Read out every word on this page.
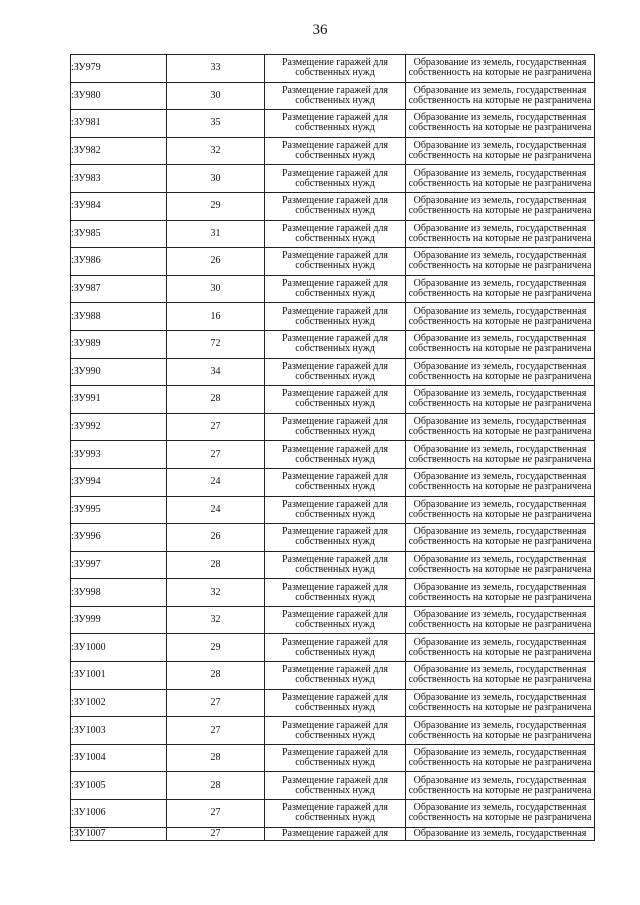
36
:ЗУ979	33	Размещение гаражей для
собственных нужд	Образование из земель, государственная
собственность на которые не разграничена

:ЗУ980	30	Размещение гаражей для
собственных нужд	Образование из земель, государственная
собственность на которые не разграничена

:ЗУ981	35	Размещение гаражей для
собственных нужд	Образование из земель, государственная
собственность на которые не разграничена

:ЗУ982	32	Размещение гаражей для
собственных нужд	Образование из земель, государственная
собственность на которые не разграничена

:ЗУ983	30	Размещение гаражей для
собственных нужд	Образование из земель, государственная
собственность на которые не разграничена

:ЗУ984	29	Размещение гаражей для
собственных нужд	Образование из земель, государственная
собственность на которые не разграничена

:ЗУ985	31	Размещение гаражей для
собственных нужд	Образование из земель, государственная
собственность на которые не разграничена

:ЗУ986	26	Размещение гаражей для
собственных нужд	Образование из земель, государственная
собственность на которые не разграничена

:ЗУ987	30	Размещение гаражей для
собственных нужд	Образование из земель, государственная
собственность на которые не разграничена

:ЗУ988	16	Размещение гаражей для
собственных нужд	Образование из земель, государственная
собственность на которые не разграничена

:ЗУ989	72	Размещение гаражей для
собственных нужд	Образование из земель, государственная
собственность на которые не разграничена

:ЗУ990	34	Размещение гаражей для
собственных нужд	Образование из земель, государственная
собственность на которые не разграничена

:ЗУ991	28	Размещение гаражей для
собственных нужд	Образование из земель, государственная
собственность на которые не разграничена

:ЗУ992	27	Размещение гаражей для
собственных нужд	Образование из земель, государственная
собственность на которые не разграничена

:ЗУ993	27	Размещение гаражей для
собственных нужд	Образование из земель, государственная
собственность на которые не разграничена

:ЗУ994	24	Размещение гаражей для
собственных нужд	Образование из земель, государственная
собственность на которые не разграничена

:ЗУ995	24	Размещение гаражей для
собственных нужд	Образование из земель, государственная
собственность на которые не разграничена

:ЗУ996	26	Размещение гаражей для
собственных нужд	Образование из земель, государственная
собственность на которые не разграничена

:ЗУ997	28	Размещение гаражей для
собственных нужд	Образование из земель, государственная
собственность на которые не разграничена

:ЗУ998	32	Размещение гаражей для
собственных нужд	Образование из земель, государственная
собственность на которые не разграничена

:ЗУ999	32	Размещение гаражей для
собственных нужд	Образование из земель, государственная
собственность на которые не разграничена

:ЗУ1000	29	Размещение гаражей для
собственных нужд	Образование из земель, государственная
собственность на которые не разграничена

:ЗУ1001	28	Размещение гаражей для
собственных нужд	Образование из земель, государственная
собственность на которые не разграничена

:ЗУ1002	27	Размещение гаражей для
собственных нужд	Образование из земель, государственная
собственность на которые не разграничена

:ЗУ1003	27	Размещение гаражей для
собственных нужд	Образование из земель, государственная
собственность на которые не разграничена

:ЗУ1004	28	Размещение гаражей для
собственных нужд	Образование из земель, государственная
собственность на которые не разграничена

:ЗУ1005	28	Размещение гаражей для
собственных нужд	Образование из земель, государственная
собственность на которые не разграничена

:ЗУ1006	27	Размещение гаражей для
собственных нужд	Образование из земель, государственная
собственность на которые не разграничена

:ЗУ1007	27	Размещение гаражей для	Образование из земель, государственная
